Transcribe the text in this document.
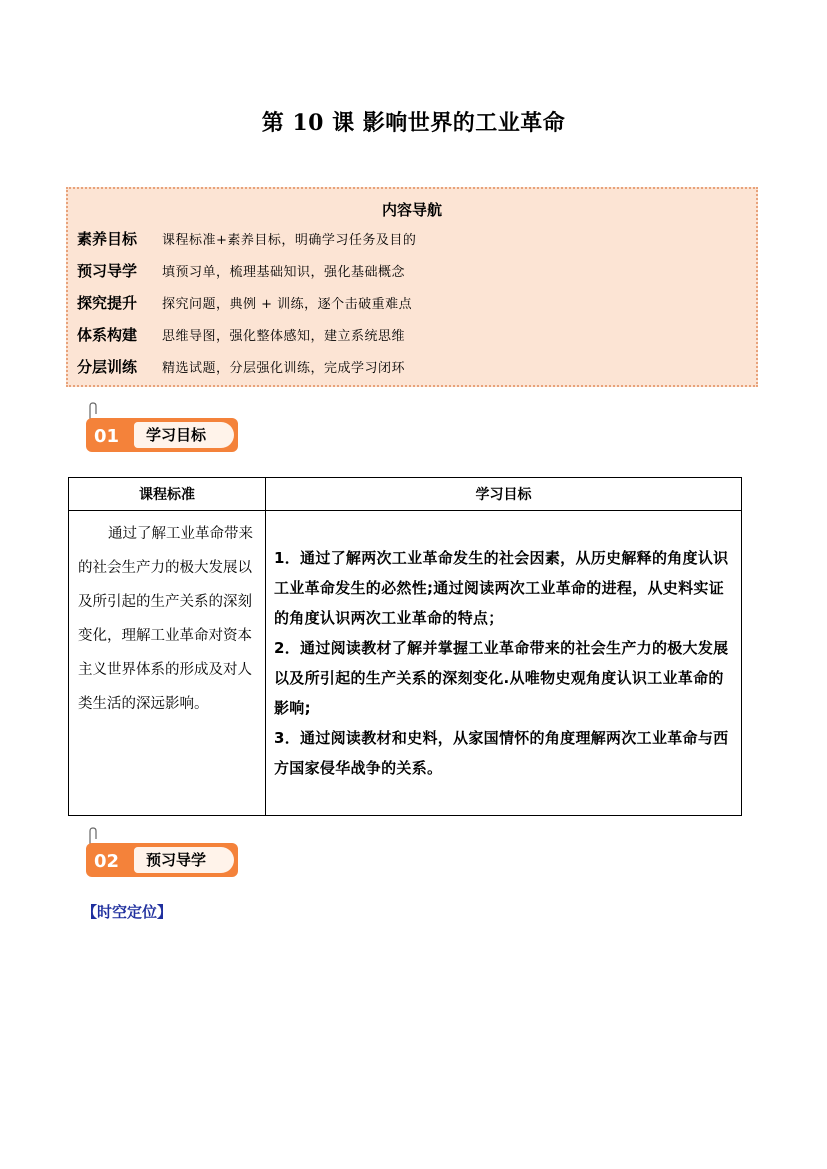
第 10 课 影响世界的工业革命
内容导航
素养目标 课程标准+素养目标，明确学习任务及目的
预习导学 填预习单，梳理基础知识，强化基础概念
探究提升 探究问题，典例 + 训练，逐个击破重难点
体系构建 思维导图，强化整体感知，建立系统思维
分层训练 精选试题，分层强化训练，完成学习闭环
01	学习目标
课程标准	学习目标
通过了解工业革命带来的社会生产力的极大发展以及所引起的生产关系的深刻变化，理解工业革命对资本主义世界体系的形成及对人类生活的深远影响。	1．通过了解两次工业革命发生的社会因素，从历史解释的角度认识工业革命发生的必然性;通过阅读两次工业革命的进程，从史料实证的角度认识两次工业革命的特点；

2．通过阅读教材了解并掌握工业革命带来的社会生产力的极大发展以及所引起的生产关系的深刻变化.从唯物史观角度认识工业革命的影响;

3．通过阅读教材和史料，从家国情怀的角度理解两次工业革命与西方国家侵华战争的关系。

02	预习导学
【时空定位】
